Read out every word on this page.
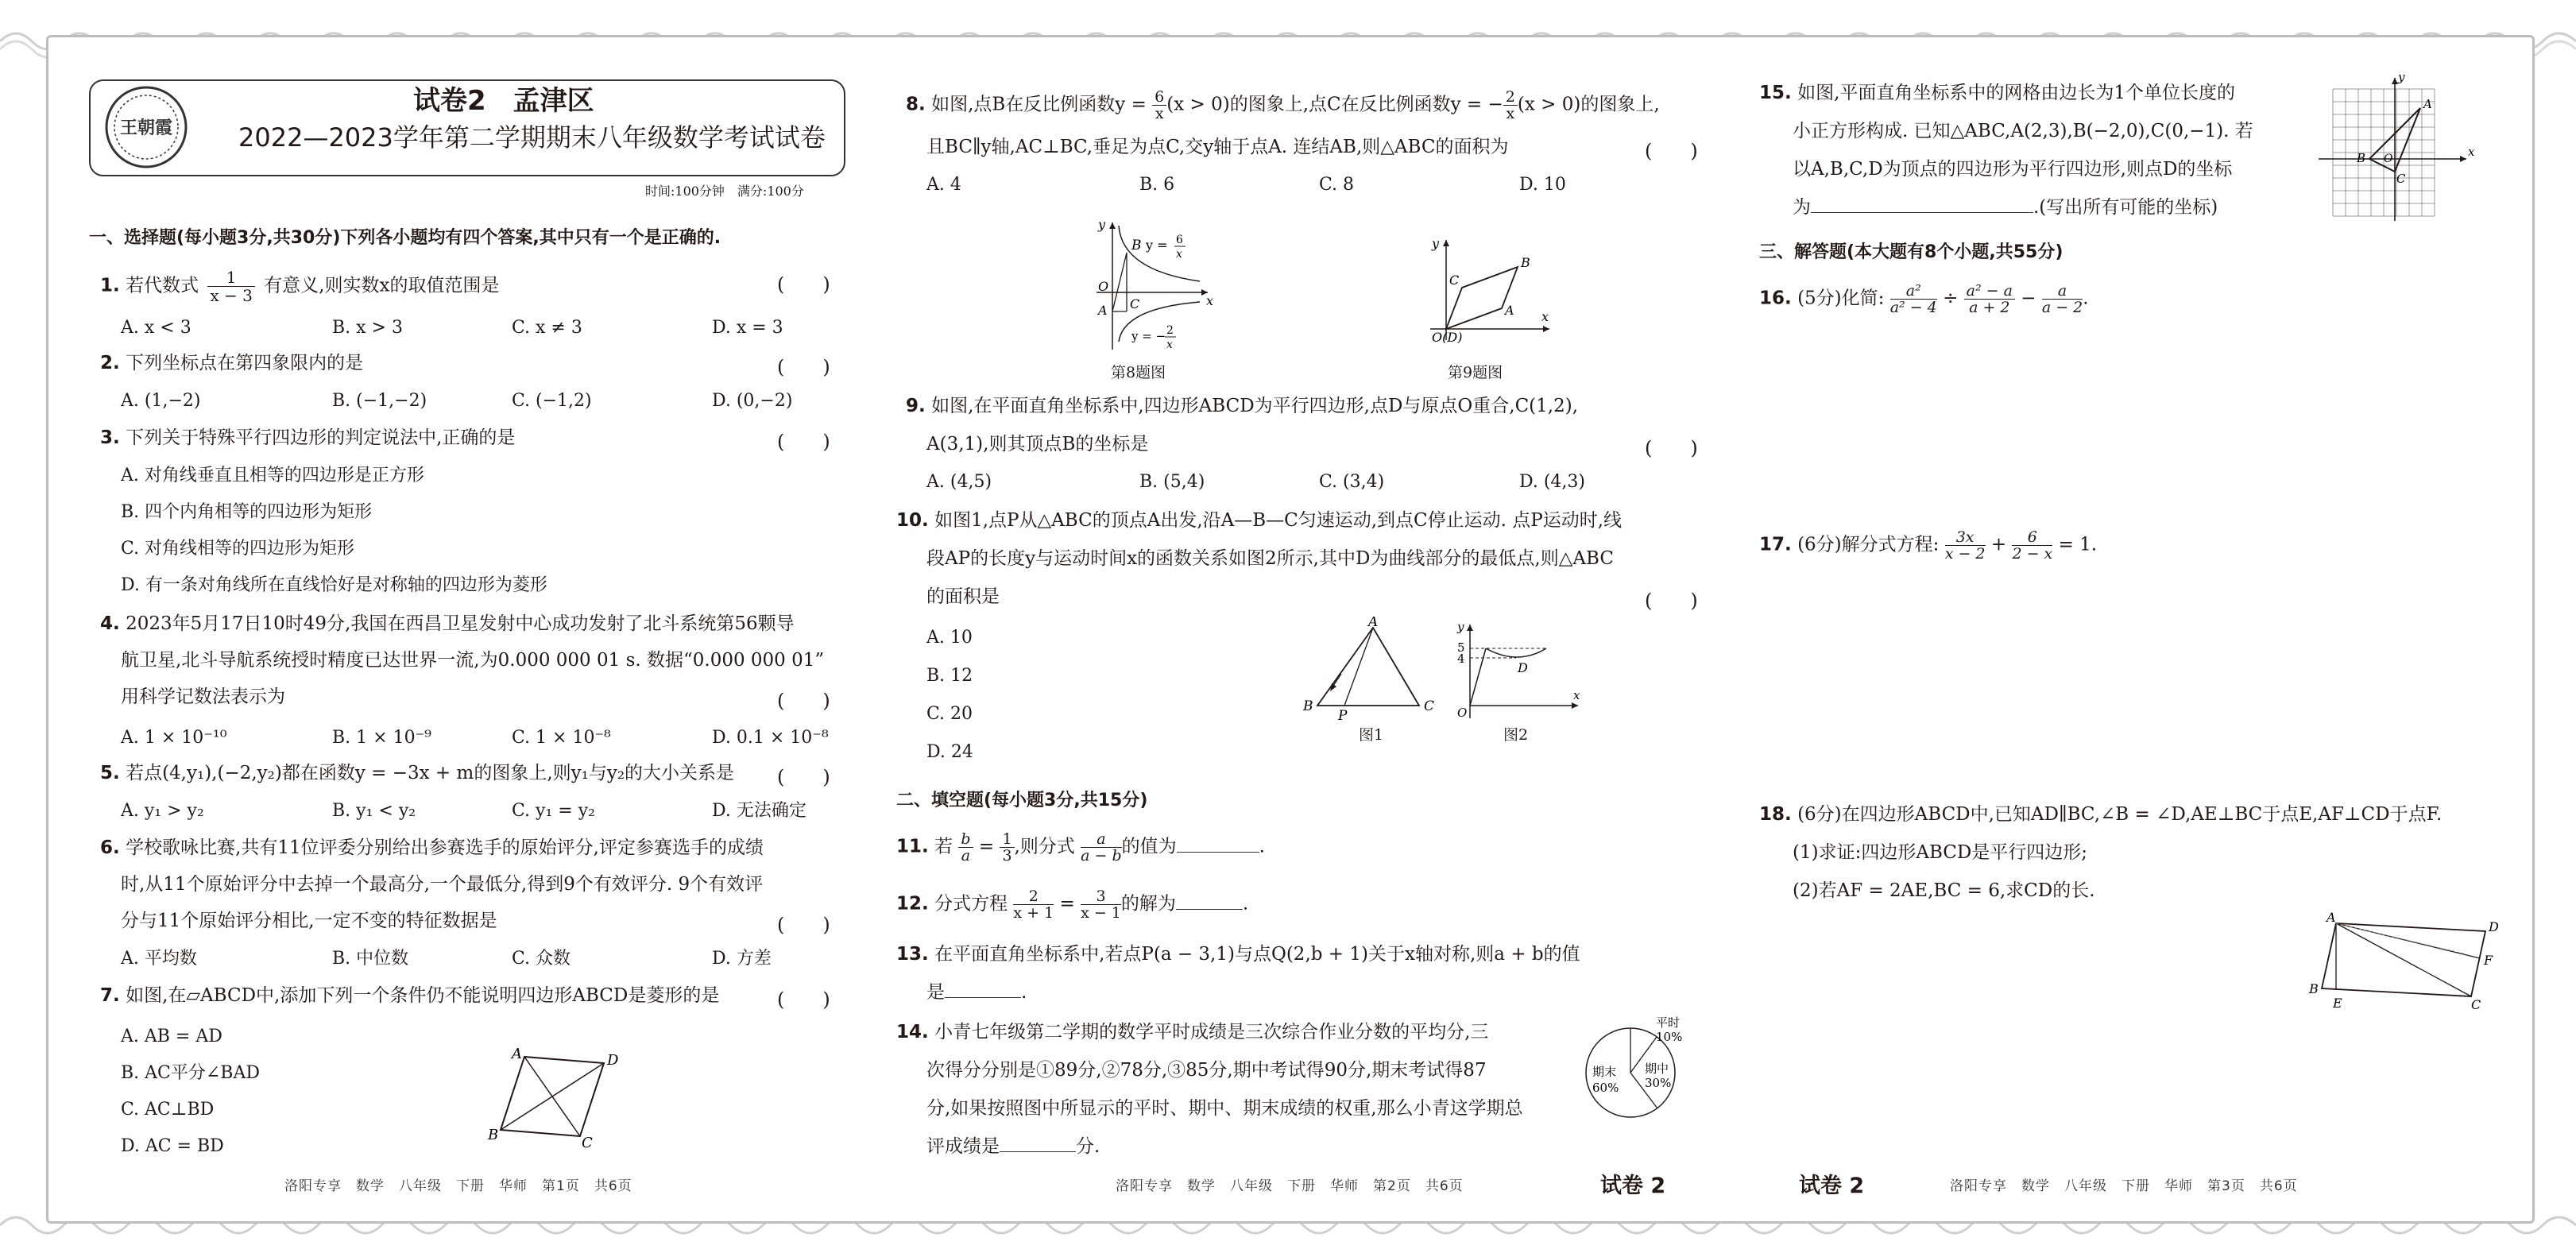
王朝霞
试卷2　孟津区
2022—2023学年第二学期期末八年级数学考试试卷
时间:100分钟　满分:100分
一、选择题(每小题3分,共30分)下列各小题均有四个答案,其中只有一个是正确的.
1. 若代数式 $\frac{1}{x - 3}$ 有意义,则实数x的取值范围是	(　　)
A. x < 3	B. x > 3	C. x ≠ 3	D. x = 3
2. 下列坐标点在第四象限内的是	(　　)
A. (1,−2)	B. (−1,−2)	C. (−1,2)	D. (0,−2)
3. 下列关于特殊平行四边形的判定说法中,正确的是	(　　)
A. 对角线垂直且相等的四边形是正方形
B. 四个内角相等的四边形为矩形
C. 对角线相等的四边形为矩形
D. 有一条对角线所在直线恰好是对称轴的四边形为菱形
4. 2023年5月17日10时49分,我国在西昌卫星发射中心成功发射了北斗系统第56颗导
航卫星,北斗导航系统授时精度已达世界一流,为0.000 000 01 s. 数据“0.000 000 01”
用科学记数法表示为	(　　)
A. 1 × 10⁻¹⁰	B. 1 × 10⁻⁹	C. 1 × 10⁻⁸	D. 0.1 × 10⁻⁸
5. 若点(4,y₁),(−2,y₂)都在函数y = −3x + m的图象上,则y₁与y₂的大小关系是 (　　)
A. y₁ > y₂	B. y₁ < y₂	C. y₁ = y₂	D. 无法确定
6. 学校歌咏比赛,共有11位评委分别给出参赛选手的原始评分,评定参赛选手的成绩
时,从11个原始评分中去掉一个最高分,一个最低分,得到9个有效评分. 9个有效评
分与11个原始评分相比,一定不变的特征数据是	(　　)
A. 平均数	B. 中位数	C. 众数	D. 方差
7. 如图,在▱ABCD中,添加下列一个条件仍不能说明四边形ABCD是菱形的是	(　　)
A. AB = AD
B. AC平分∠BAD
C. AC⊥BD
D. AC = BD
A	D
B	C
洛阳专享　数学　八年级　下册　华师　第1页　共6页
8. 如图,点B在反比例函数$y = \frac{6}{x} (x > 0)$的图象上,点C在反比例函数y = − $\frac{2}{x} (x > 0)$的图象上,
且BC∥y轴,AC⊥BC,垂足为点C,交y轴于点A. 连结AB,则△ABC的面积为	(　　)
A. 4	B. 6	C. 8	D. 10
B y = 6
x
y
O
A C
y = − 2
x
x
第8题图
y
B
C
A
O(D)
x
第9题图
9. 如图,在平面直角坐标系中,四边形ABCD为平行四边形,点D与原点O重合,C(1,2),
A(3,1),则其顶点B的坐标是	(　　)
A. (4,5)	B. (5,4)	C. (3,4)	D. (4,3)
10. 如图1,点P从△ABC的顶点A出发,沿A—B—C匀速运动,到点C停止运动. 点P运动时,线
段AP的长度y与运动时间x的函数关系如图2所示,其中D为曲线部分的最低点,则△ABC
的面积是	(　　)
A. 10
B. 12
C. 20
D. 24
A
B
P
C
图1
y
5
4
D
O
x
图2
二、填空题(每小题3分,共15分)
11. 若 $\frac{b}{a} = \frac{1}{3}$ ,则分式 $\frac{a}{a - b}$ 的值为	.
12. 分式方程 $\frac{2}{x + 1} = \frac{3}{x - 1}$ 的解为	.
13. 在平面直角坐标系中,若点P(a − 3,1)与点Q(2,b + 1)关于x轴对称,则a + b的值
是	.
14. 小青七年级第二学期的数学平时成绩是三次综合作业分数的平均分,三
次得分分别是①89分,②78分,③85分,期中考试得90分,期末考试得87
分,如果按照图中所显示的平时、期中、期末成绩的权重,那么小青这学期总
评成绩是	分.
平时
10%
期中
30%
期末
60%
洛阳专享　数学　八年级　下册　华师　第2页　共6页	试卷 2
15. 如图,平面直角坐标系中的网格由边长为1个单位长度的
小正方形构成. 已知△ABC,A(2,3),B(−2,0),C(0,−1). 若
以A,B,C,D为顶点的四边形为平行四边形,则点D的坐标
为	.(写出所有可能的坐标)
y
A
B O
C
x
三、解答题(本大题有8个小题,共55分)
16. (5分)化简: $\frac{\text{a²}}{\text{a² − 4}} \div \frac{\text{a² − a}}{a + 2} - \frac{a}{a - 2}$ .
17. (6分)解分式方程: $\frac{3x}{x - 2} + \frac{6}{2 - x} = 1$.
18. (6分)在四边形ABCD中,已知AD∥BC,∠B = ∠D,AE⊥BC于点E,AF⊥CD于点F.
(1)求证:四边形ABCD是平行四边形;
(2)若AF = 2AE,BC = 6,求CD的长.
A
D
F
B
E	C
试卷 2	洛阳专享　数学　八年级　下册　华师　第3页　共6页
